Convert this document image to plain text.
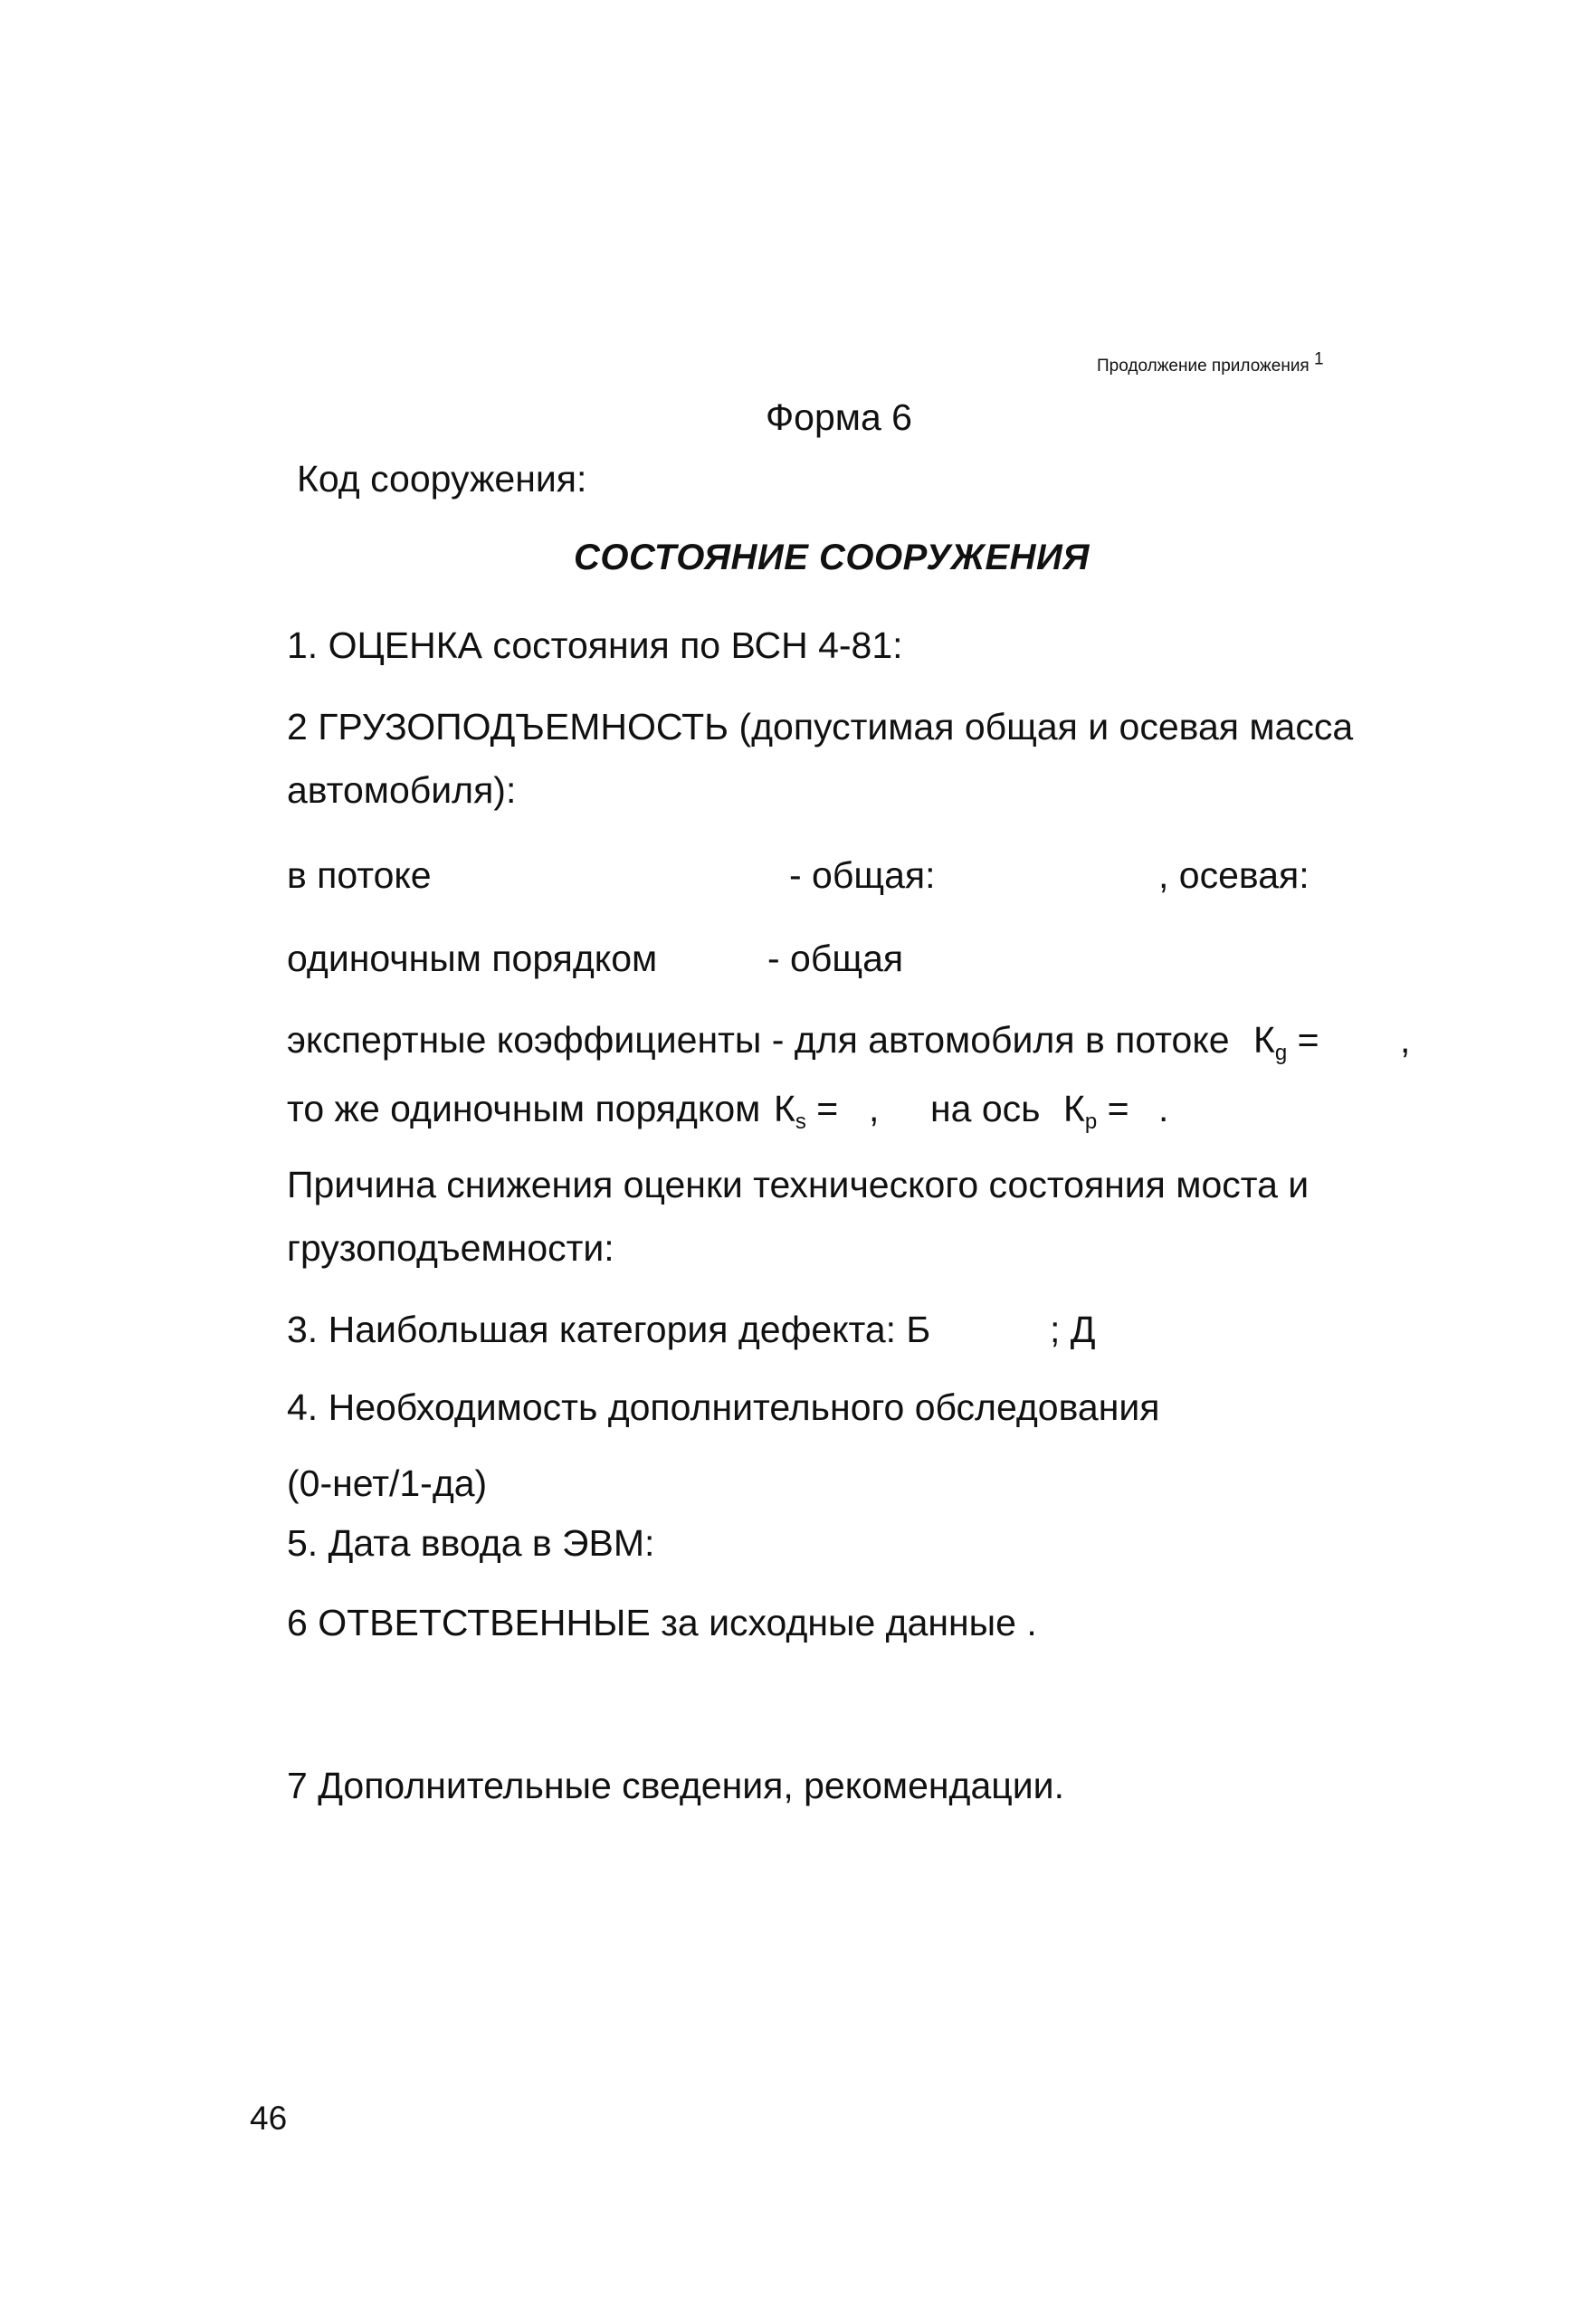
Продолжение приложения $^1$
Форма 6
Код сооружения:
СОСТОЯНИЕ СООРУЖЕНИЯ
1. ОЦЕНКА состояния по ВСН 4-81:
2 ГРУЗОПОДЪЕМНОСТЬ (допустимая общая и осевая масса
автомобиля):
в потоке	- общая:	, осевая:
одиночным порядком	- общая
экспертные коэффициенты - для автомобиля в потоке $К_g$ = ,
то же одиночным порядком $К_s$ = , на ось $К_p$ = .
Причина снижения оценки технического состояния моста и
грузоподъемности:
3. Наибольшая категория дефекта: Б	; Д
4. Необходимость дополнительного обследования
(0-нет/1-да)
5. Дата ввода в ЭВМ:
6 ОТВЕТСТВЕННЫЕ за исходные данные .
7 Дополнительные сведения, рекомендации.
46
